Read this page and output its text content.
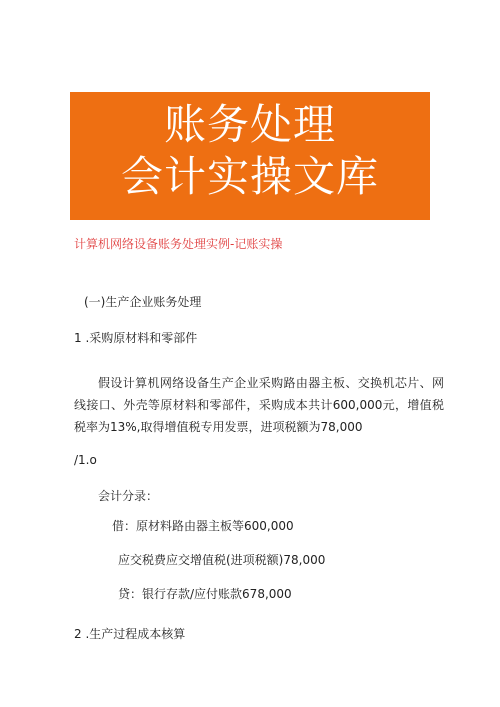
账务处理
会计实操文库
计算机网络设备账务处理实例-记账实操
(一)生产企业账务处理
1 .采购原材料和零部件
假设计算机网络设备生产企业采购路由器主板、交换机芯片、网线接口、外壳等原材料和零部件，采购成本共计600,000元，增值税税率为13%,取得增值税专用发票，进项税额为78,000
/1.o
会计分录：
借：原材料路由器主板等600,000
应交税费应交增值税(进项税额)78,000
贷：银行存款/应付账款678,000
2 .生产过程成本核算
